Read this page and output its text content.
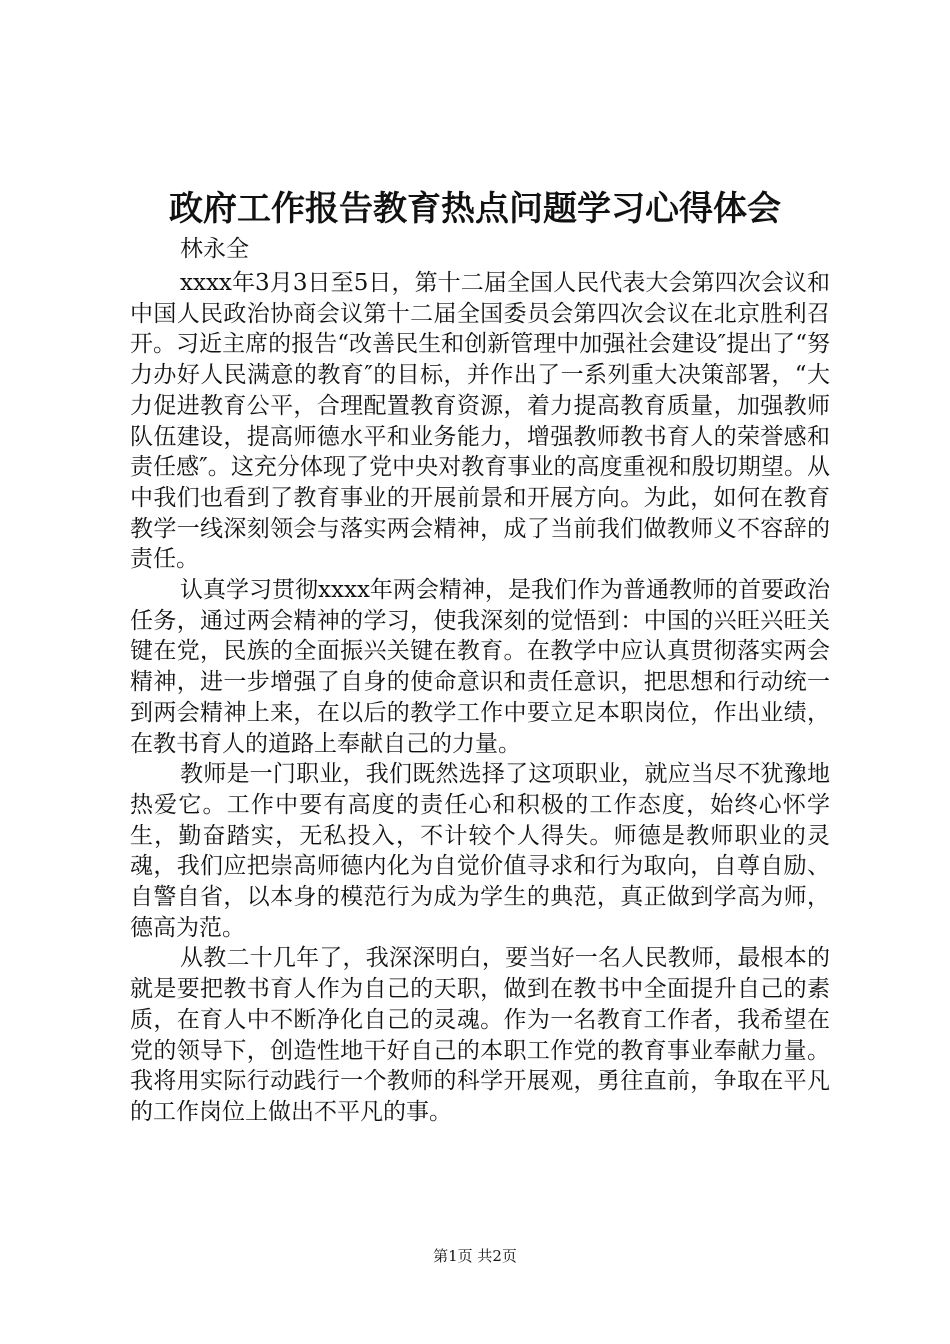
政府工作报告教育热点问题学习心得体会
林永全

xxxx年3月3日至5日，第十二届全国人民代表大会第四次会议和中国人民政治协商会议第十二届全国委员会第四次会议在北京胜利召开。习近主席的报告“改善民生和创新管理中加强社会建设″提出了“努力办好人民满意的教育″的目标，并作出了一系列重大决策部署，“大力促进教育公平，合理配置教育资源，着力提高教育质量，加强教师队伍建设，提高师德水平和业务能力，增强教师教书育人的荣誉感和责任感″。这充分体现了党中央对教育事业的高度重视和殷切期望。从中我们也看到了教育事业的开展前景和开展方向。为此，如何在教育教学一线深刻领会与落实两会精神，成了当前我们做教师义不容辞的责任。

认真学习贯彻xxxx年两会精神，是我们作为普通教师的首要政治任务，通过两会精神的学习，使我深刻的觉悟到：中国的兴旺兴旺关键在党，民族的全面振兴关键在教育。在教学中应认真贯彻落实两会精神，进一步增强了自身的使命意识和责任意识，把思想和行动统一到两会精神上来，在以后的教学工作中要立足本职岗位，作出业绩，在教书育人的道路上奉献自己的力量。

教师是一门职业，我们既然选择了这项职业，就应当尽不犹豫地热爱它。工作中要有高度的责任心和积极的工作态度，始终心怀学生，勤奋踏实，无私投入，不计较个人得失。师德是教师职业的灵魂，我们应把崇高师德内化为自觉价值寻求和行为取向，自尊自励、自警自省，以本身的模范行为成为学生的典范，真正做到学高为师，德高为范。

从教二十几年了，我深深明白，要当好一名人民教师，最根本的就是要把教书育人作为自己的天职，做到在教书中全面提升自己的素质，在育人中不断净化自己的灵魂。作为一名教育工作者，我希望在党的领导下，创造性地干好自己的本职工作党的教育事业奉献力量。我将用实际行动践行一个教师的科学开展观，勇往直前，争取在平凡的工作岗位上做出不平凡的事。

第1页 共2页
